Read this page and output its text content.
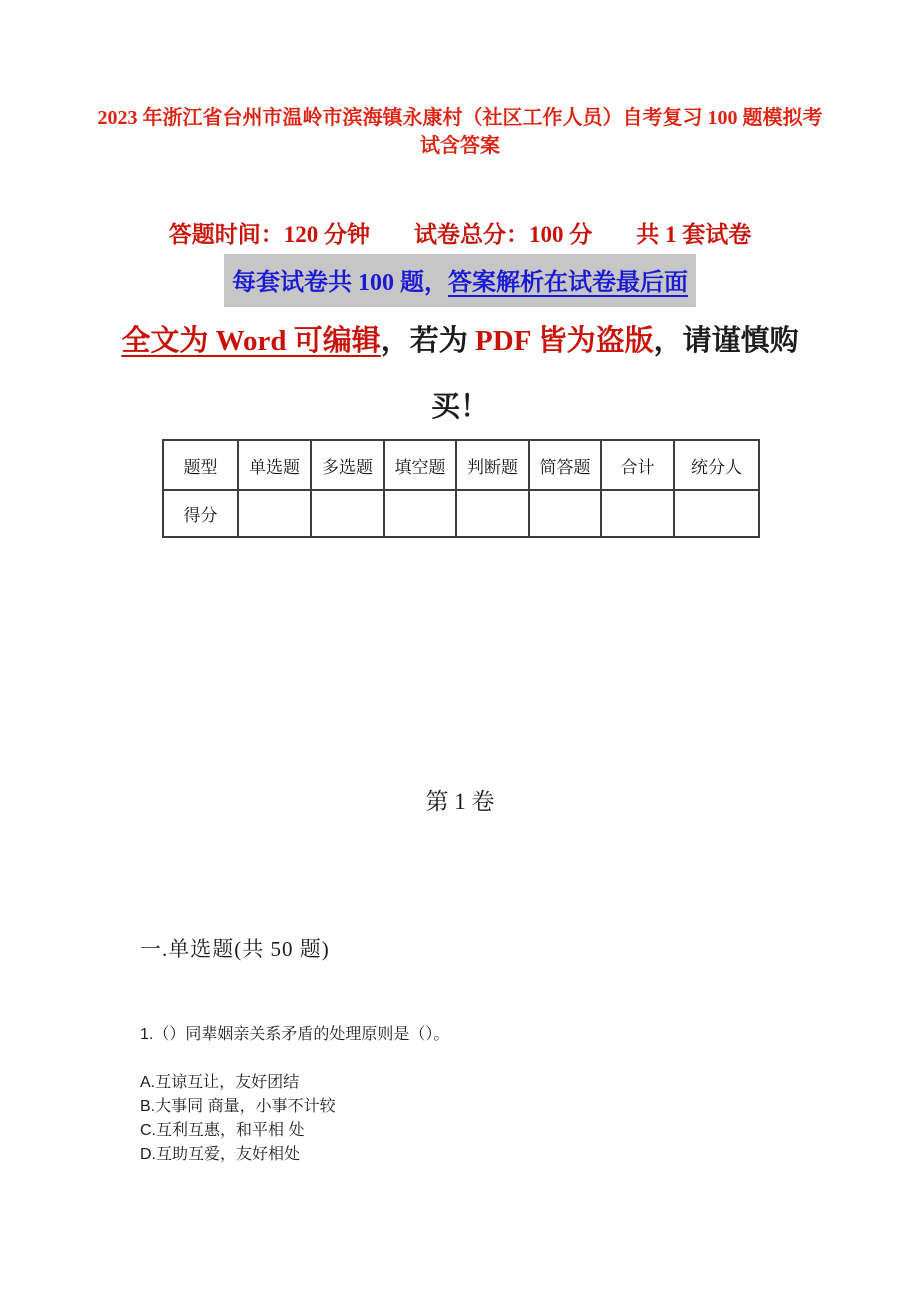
2023 年浙江省台州市温岭市滨海镇永康村（社区工作人员）自考复习 100 题模拟考试含答案
答题时间：120 分钟 试卷总分：100 分 共 1 套试卷
每套试卷共 100 题，答案解析在试卷最后面
全文为 Word 可编辑，若为 PDF 皆为盗版，请谨慎购
买！
题型	单选题	多选题	填空题	判断题	简答题	合计	统分人
得分							
第 1 卷
一.单选题(共 50 题)
1.（）同辈姻亲关系矛盾的处理原则是（）。
A.互谅互让，友好团结
B.大事同 商量，小事不计较
C.互利互惠，和平相 处
D.互助互爱，友好相处
